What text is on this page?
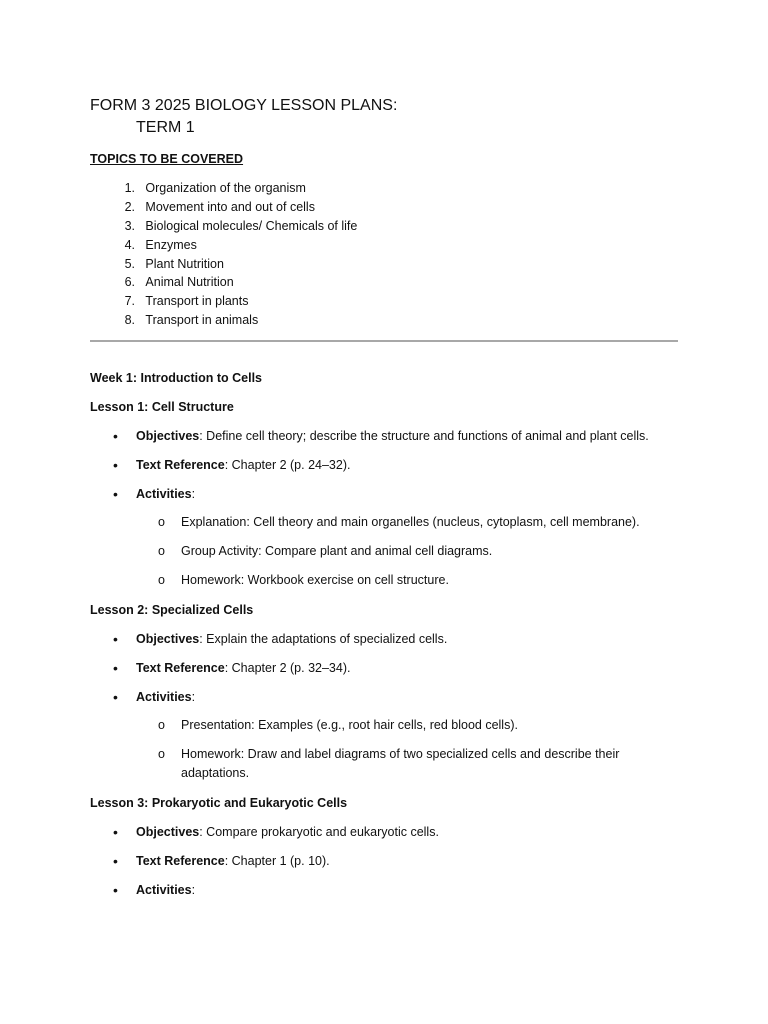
FORM 3 2025 BIOLOGY LESSON PLANS:
TERM 1
TOPICS TO BE COVERED
1. Organization of the organism
2. Movement into and out of cells
3. Biological molecules/ Chemicals of life
4. Enzymes
5. Plant Nutrition
6. Animal Nutrition
7. Transport in plants
8. Transport in animals

Week 1: Introduction to Cells

Lesson 1: Cell Structure

• Objectives: Define cell theory; describe the structure and functions of animal and plant cells.
• Text Reference: Chapter 2 (p. 24–32).
• Activities:
o Explanation: Cell theory and main organelles (nucleus, cytoplasm, cell membrane).
o Group Activity: Compare plant and animal cell diagrams.
o Homework: Workbook exercise on cell structure.

Lesson 2: Specialized Cells

• Objectives: Explain the adaptations of specialized cells.
• Text Reference: Chapter 2 (p. 32–34).
• Activities:
o Presentation: Examples (e.g., root hair cells, red blood cells).
o Homework: Draw and label diagrams of two specialized cells and describe their adaptations.

Lesson 3: Prokaryotic and Eukaryotic Cells

• Objectives: Compare prokaryotic and eukaryotic cells.
• Text Reference: Chapter 1 (p. 10).
• Activities:
